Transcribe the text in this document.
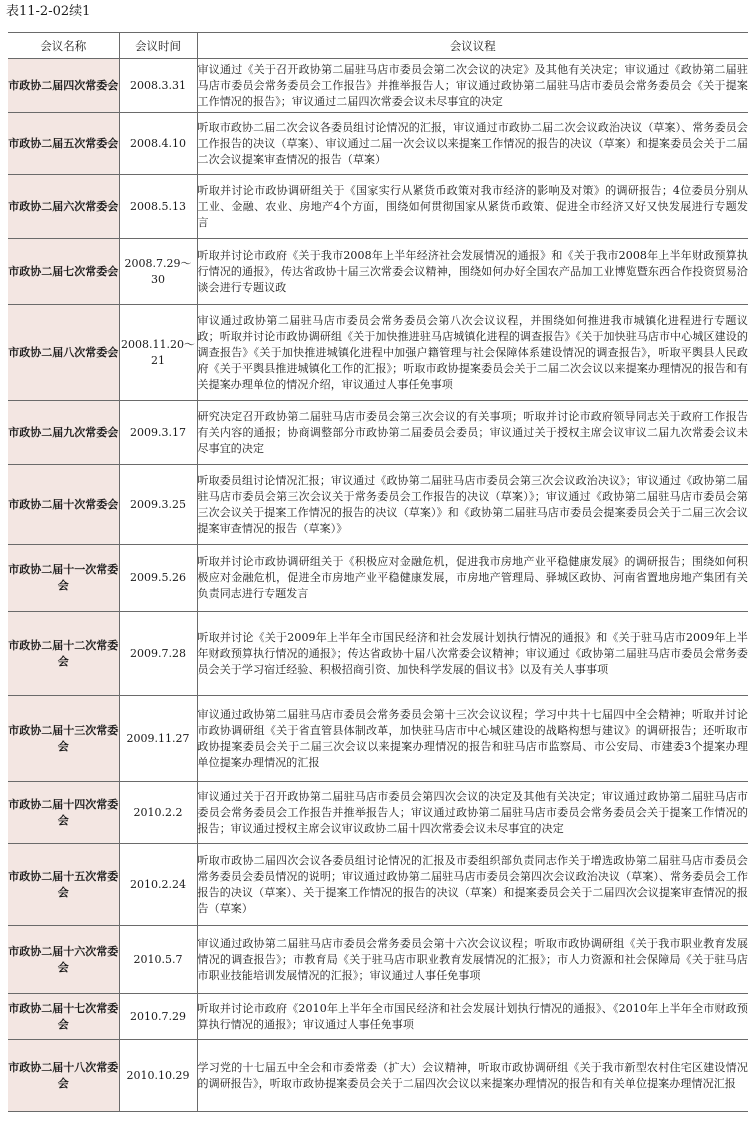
表11-2-02续1
会议名称	会议时间	会议议程
市政协二届四次常委会	2008.3.31	审议通过《关于召开政协第二届驻马店市委员会第二次会议的决定》及其他有关决定；审议通过《政协第二届驻马店市委员会常务委员会工作报告》并推举报告人；审议通过政协第二届驻马店市委员会常务委员会《关于提案工作情况的报告》；审议通过二届四次常委会议未尽事宜的决定
市政协二届五次常委会	2008.4.10	听取市政协二届二次会议各委员组讨论情况的汇报，审议通过市政协二届二次会议政治决议（草案）、常务委员会工作报告的决议（草案）、审议通过二届一次会议以来提案工作情况的报告的决议（草案）和提案委员会关于二届二次会议提案审查情况的报告（草案）
市政协二届六次常委会	2008.5.13	听取并讨论市政协调研组关于《国家实行从紧货币政策对我市经济的影响及对策》的调研报告；4位委员分别从工业、金融、农业、房地产4个方面，围绕如何贯彻国家从紧货币政策、促进全市经济又好又快发展进行专题发言
市政协二届七次常委会	2008.7.29～30	听取并讨论市政府《关于我市2008年上半年经济社会发展情况的通报》和《关于我市2008年上半年财政预算执行情况的通报》，传达省政协十届三次常委会议精神，围绕如何办好全国农产品加工业博览暨东西合作投资贸易洽谈会进行专题议政
市政协二届八次常委会	2008.11.20～21	审议通过政协第二届驻马店市委员会常务委员会第八次会议议程，并围绕如何推进我市城镇化进程进行专题议政；听取并讨论市政协调研组《关于加快推进驻马店城镇化进程的调查报告》《关于加快驻马店市中心城区建设的调查报告》《关于加快推进城镇化进程中加强户籍管理与社会保障体系建设情况的调查报告》，听取平舆县人民政府《关于平舆县推进城镇化工作的汇报》；听取市政协提案委员会关于二届二次会议以来提案办理情况的报告和有关提案办理单位的情况介绍，审议通过人事任免事项
市政协二届九次常委会	2009.3.17	研究决定召开政协第二届驻马店市委员会第三次会议的有关事项；听取并讨论市政府领导同志关于政府工作报告有关内容的通报；协商调整部分市政协第二届委员会委员；审议通过关于授权主席会议审议二届九次常委会议未尽事宜的决定
市政协二届十次常委会	2009.3.25	听取委员组讨论情况汇报；审议通过《政协第二届驻马店市委员会第三次会议政治决议》；审议通过《政协第二届驻马店市委员会第三次会议关于常务委员会工作报告的决议（草案）》；审议通过《政协第二届驻马店市委员会第三次会议关于提案工作情况的报告的决议（草案）》和《政协第二届驻马店市委员会提案委员会关于二届三次会议提案审查情况的报告（草案）》
市政协二届十一次常委会	2009.5.26	听取并讨论市政协调研组关于《积极应对金融危机，促进我市房地产业平稳健康发展》的调研报告；围绕如何积极应对金融危机，促进全市房地产业平稳健康发展，市房地产管理局、驿城区政协、河南省置地房地产集团有关负责同志进行专题发言
市政协二届十二次常委会	2009.7.28	听取并讨论《关于2009年上半年全市国民经济和社会发展计划执行情况的通报》和《关于驻马店市2009年上半年财政预算执行情况的通报》；传达省政协十届八次常委会议精神；审议通过《政协第二届驻马店市委员会常务委员会关于学习宿迁经验、积极招商引资、加快科学发展的倡议书》以及有关人事事项
市政协二届十三次常委会	2009.11.27	审议通过政协第二届驻马店市委员会常务委员会第十三次会议议程；学习中共十七届四中全会精神；听取并讨论市政协调研组《关于省直管县体制改革，加快驻马店市中心城区建设的战略构想与建议》的调研报告；还听取市政协提案委员会关于二届三次会议以来提案办理情况的报告和驻马店市监察局、市公安局、市建委3个提案办理单位提案办理情况的汇报
市政协二届十四次常委会	2010.2.2	审议通过关于召开政协第二届驻马店市委员会第四次会议的决定及其他有关决定；审议通过政协第二届驻马店市委员会常务委员会工作报告并推举报告人；审议通过政协第二届驻马店市委员会常务委员会关于提案工作情况的报告；审议通过授权主席会议审议政协二届十四次常委会议未尽事宜的决定
市政协二届十五次常委会	2010.2.24	听取市政协二届四次会议各委员组讨论情况的汇报及市委组织部负责同志作关于增选政协第二届驻马店市委员会常务委员会委员情况的说明；审议通过政协第二届驻马店市委员会第四次会议政治决议（草案）、常务委员会工作报告的决议（草案）、关于提案工作情况的报告的决议（草案）和提案委员会关于二届四次会议提案审查情况的报告（草案）
市政协二届十六次常委会	2010.5.7	审议通过政协第二届驻马店市委员会常务委员会第十六次会议议程；听取市政协调研组《关于我市职业教育发展情况的调查报告》；市教育局《关于驻马店市职业教育发展情况的汇报》；市人力资源和社会保障局《关于驻马店市职业技能培训发展情况的汇报》；审议通过人事任免事项
市政协二届十七次常委会	2010.7.29	听取并讨论市政府《2010年上半年全市国民经济和社会发展计划执行情况的通报》、《2010年上半年全市财政预算执行情况的通报》；审议通过人事任免事项
市政协二届十八次常委会	2010.10.29	学习党的十七届五中全会和市委常委（扩大）会议精神，听取市政协调研组《关于我市新型农村住宅区建设情况的调研报告》，听取市政协提案委员会关于二届四次会议以来提案办理情况的报告和有关单位提案办理情况汇报
